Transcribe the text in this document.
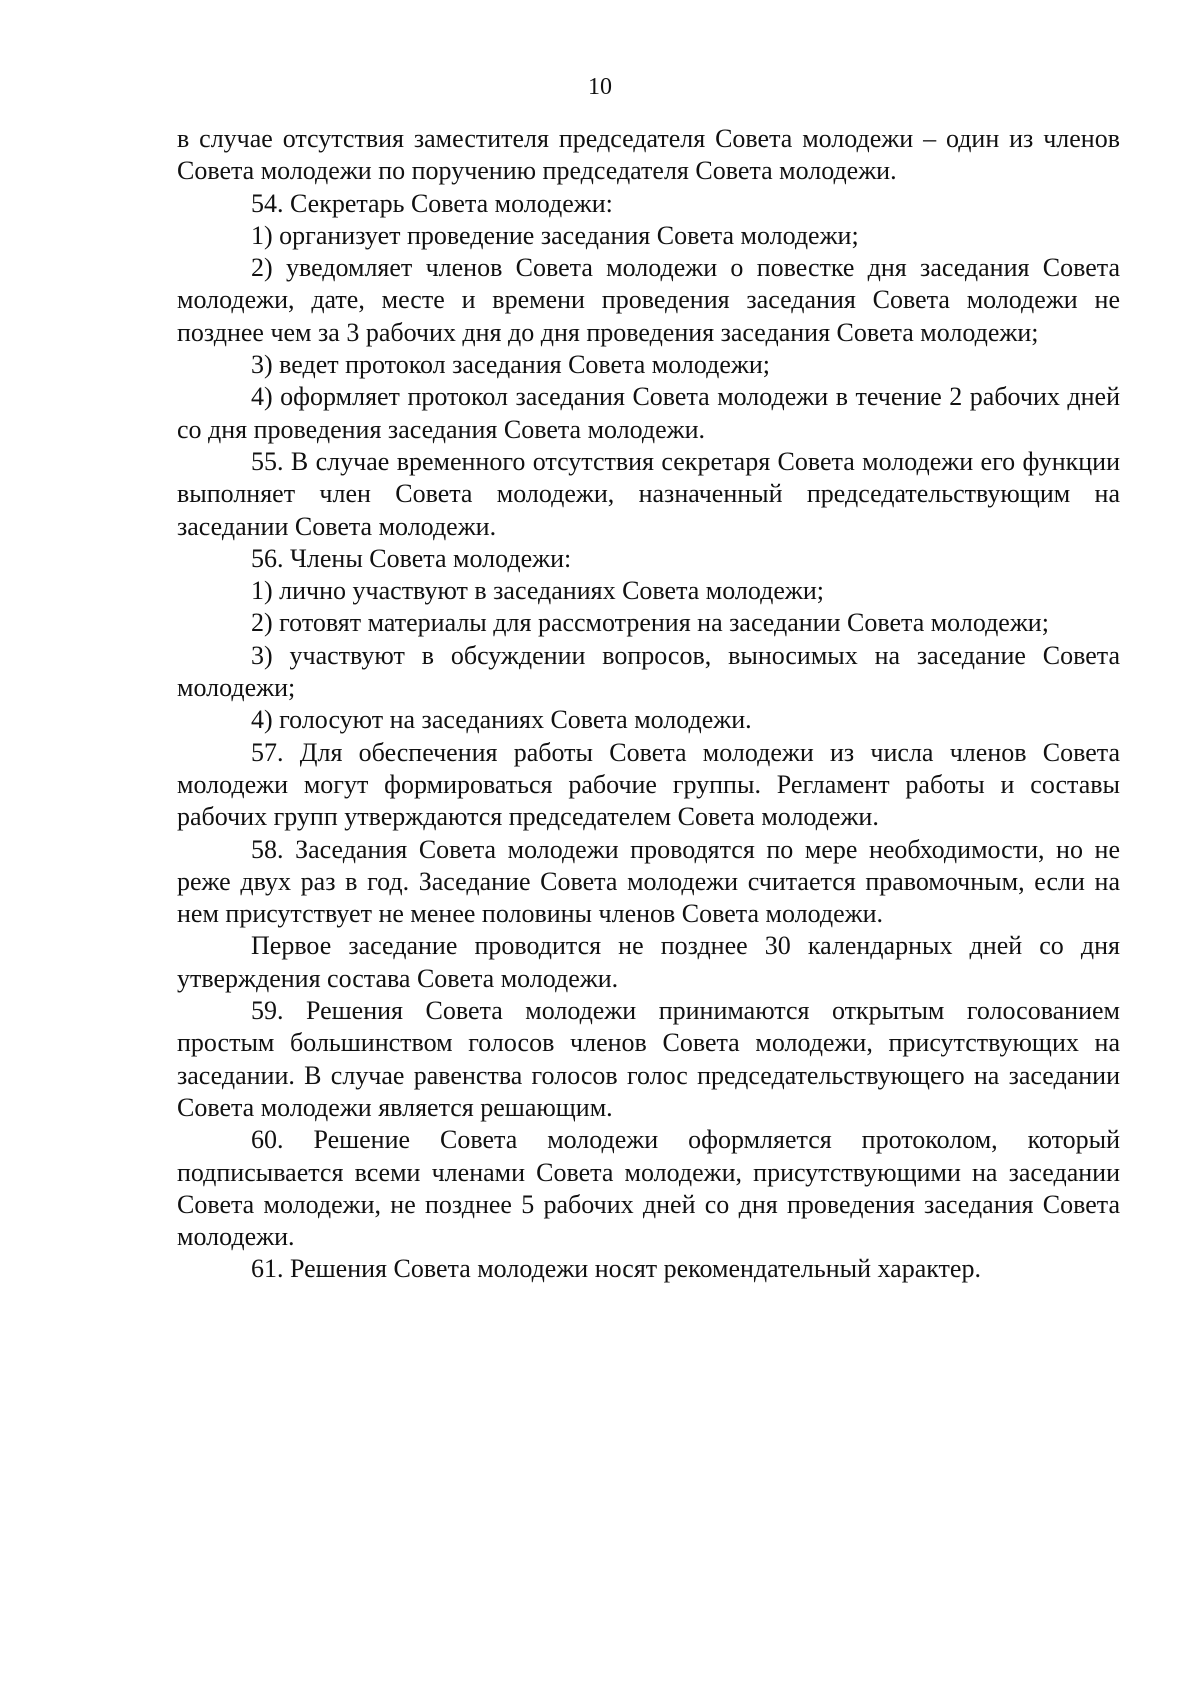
10

в случае отсутствия заместителя председателя Совета молодежи – один из членов Совета молодежи по поручению председателя Совета молодежи.

54. Секретарь Совета молодежи:

1) организует проведение заседания Совета молодежи;

2) уведомляет членов Совета молодежи о повестке дня заседания Совета молодежи, дате, месте и времени проведения заседания Совета молодежи не позднее чем за 3 рабочих дня до дня проведения заседания Совета молодежи;

3) ведет протокол заседания Совета молодежи;

4) оформляет протокол заседания Совета молодежи в течение 2 рабочих дней со дня проведения заседания Совета молодежи.

55. В случае временного отсутствия секретаря Совета молодежи его функции выполняет член Совета молодежи, назначенный председательствующим на заседании Совета молодежи.

56. Члены Совета молодежи:

1) лично участвуют в заседаниях Совета молодежи;

2) готовят материалы для рассмотрения на заседании Совета молодежи;

3) участвуют в обсуждении вопросов, выносимых на заседание Совета молодежи;

4) голосуют на заседаниях Совета молодежи.

57. Для обеспечения работы Совета молодежи из числа членов Совета молодежи могут формироваться рабочие группы. Регламент работы и составы рабочих групп утверждаются председателем Совета молодежи.

58. Заседания Совета молодежи проводятся по мере необходимости, но не реже двух раз в год. Заседание Совета молодежи считается правомочным, если на нем присутствует не менее половины членов Совета молодежи.

Первое заседание проводится не позднее 30 календарных дней со дня утверждения состава Совета молодежи.

59. Решения Совета молодежи принимаются открытым голосованием простым большинством голосов членов Совета молодежи, присутствующих на заседании. В случае равенства голосов голос председательствующего на заседании Совета молодежи является решающим.

60. Решение Совета молодежи оформляется протоколом, который подписывается всеми членами Совета молодежи, присутствующими на заседании Совета молодежи, не позднее 5 рабочих дней со дня проведения заседания Совета молодежи.

61. Решения Совета молодежи носят рекомендательный характер.
